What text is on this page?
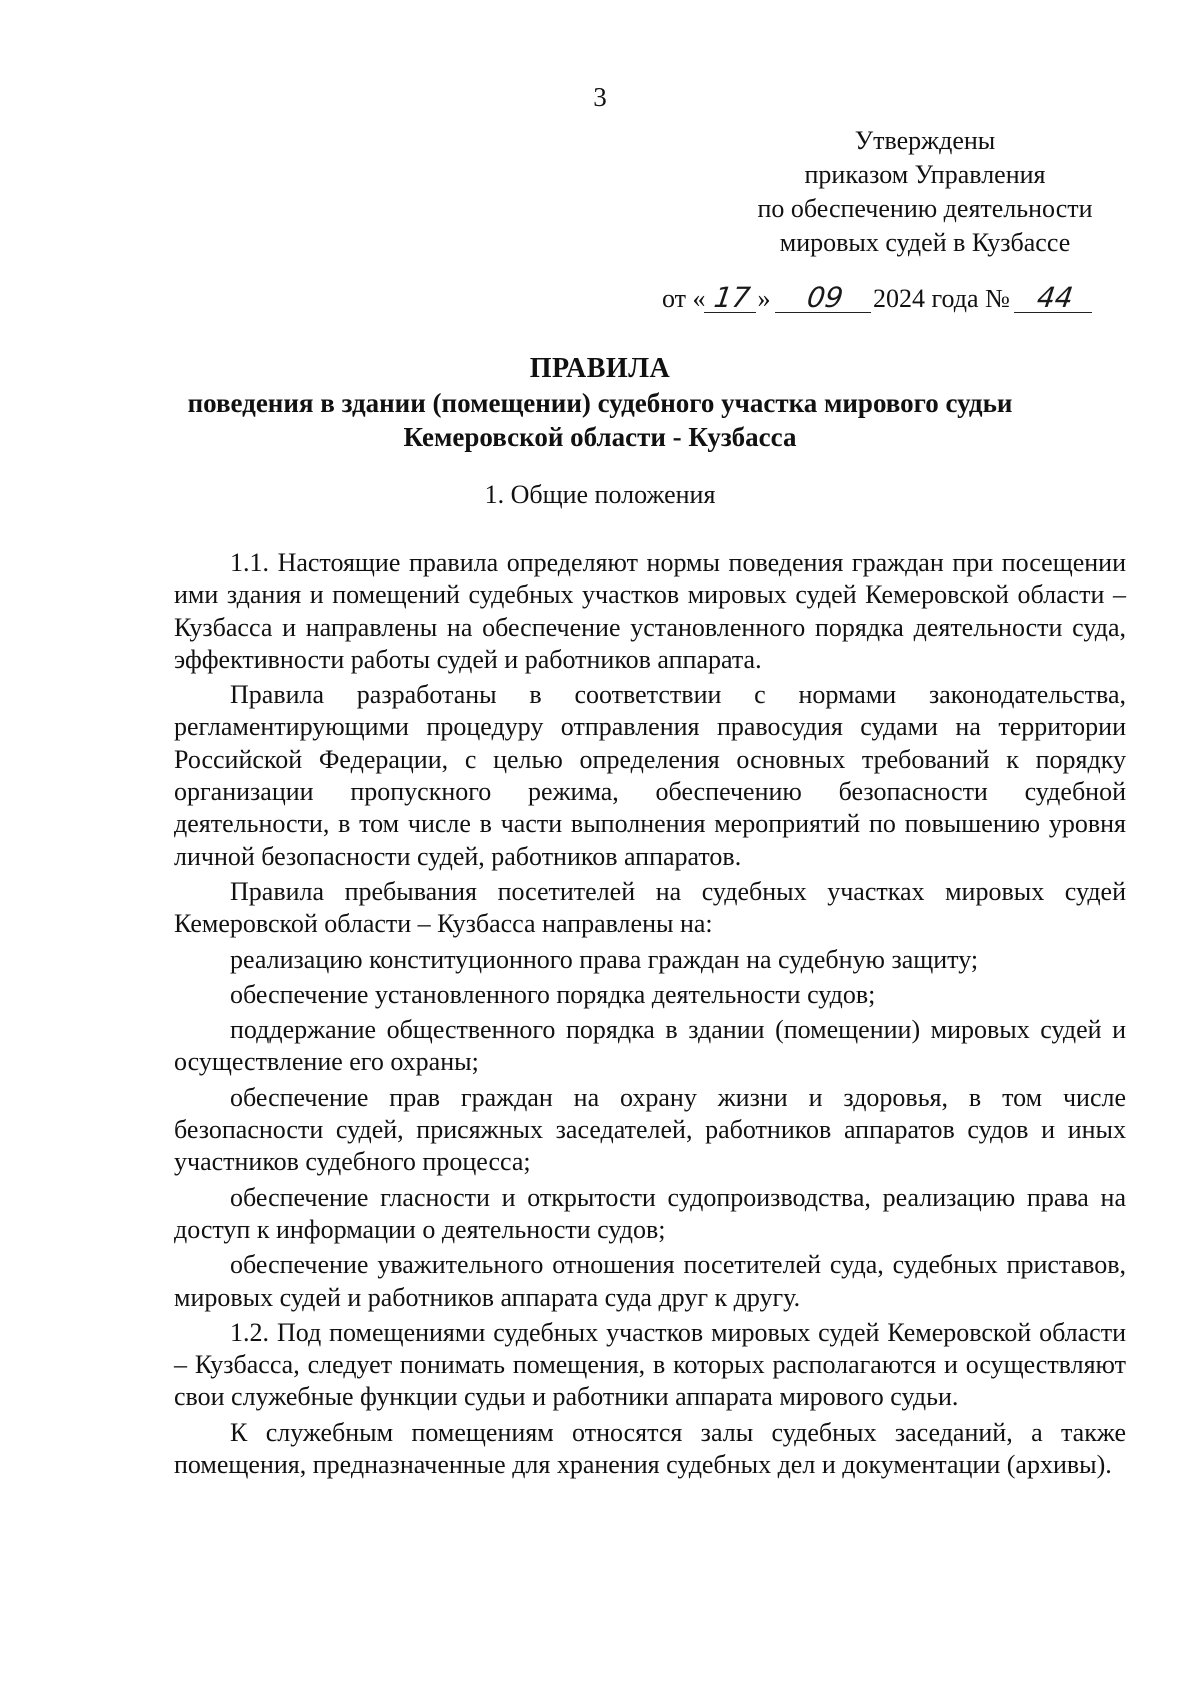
3
Утверждены
приказом Управления
по обеспечению деятельности
мировых судей в Кузбассе
от « 17 » 09 2024 года № 44
ПРАВИЛА
поведения в здании (помещении) судебного участка мирового судьи
Кемеровской области - Кузбасса
1. Общие положения

1.1. Настоящие правила определяют нормы поведения граждан при посещении ими здания и помещений судебных участков мировых судей Кемеровской области – Кузбасса и направлены на обеспечение установленного порядка деятельности суда, эффективности работы судей и работников аппарата.

Правила разработаны в соответствии с нормами законодательства, регламентирующими процедуру отправления правосудия судами на территории Российской Федерации, с целью определения основных требований к порядку организации пропускного режима, обеспечению безопасности судебной деятельности, в том числе в части выполнения мероприятий по повышению уровня личной безопасности судей, работников аппаратов.

Правила пребывания посетителей на судебных участках мировых судей Кемеровской области – Кузбасса направлены на:

реализацию конституционного права граждан на судебную защиту;

обеспечение установленного порядка деятельности судов;

поддержание общественного порядка в здании (помещении) мировых судей и осуществление его охраны;

обеспечение прав граждан на охрану жизни и здоровья, в том числе безопасности судей, присяжных заседателей, работников аппаратов судов и иных участников судебного процесса;

обеспечение гласности и открытости судопроизводства, реализацию права на доступ к информации о деятельности судов;

обеспечение уважительного отношения посетителей суда, судебных приставов, мировых судей и работников аппарата суда друг к другу.

1.2. Под помещениями судебных участков мировых судей Кемеровской области – Кузбасса, следует понимать помещения, в которых располагаются и осуществляют свои служебные функции судьи и работники аппарата мирового судьи.

К служебным помещениям относятся залы судебных заседаний, а также помещения, предназначенные для хранения судебных дел и документации (архивы).
